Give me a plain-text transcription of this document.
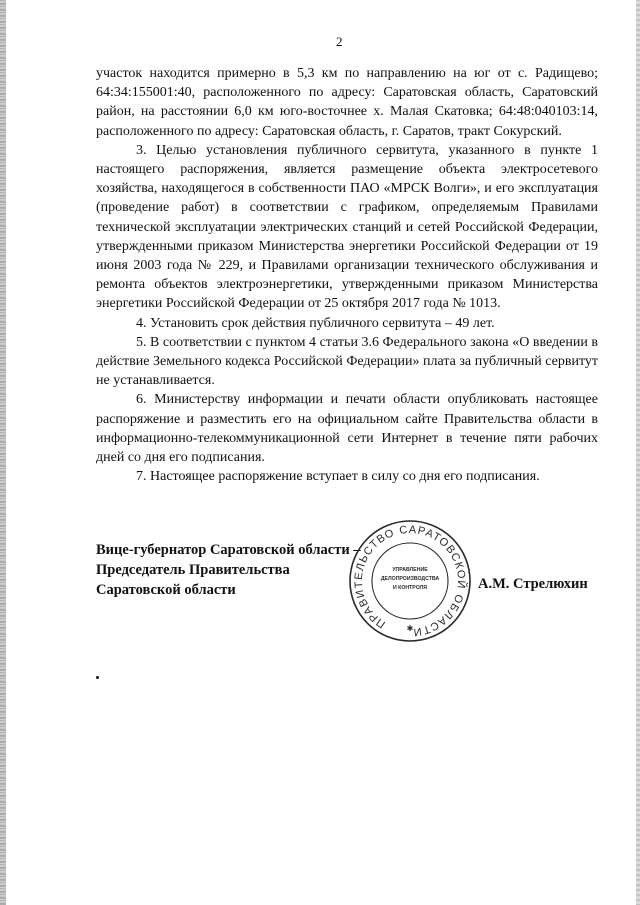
2

участок находится примерно в 5,3 км по направлению на юг от с. Радищево; 64:34:155001:40, расположенного по адресу: Саратовская область, Саратовский район, на расстоянии 6,0 км юго-восточнее х. Малая Скатовка; 64:48:040103:14, расположенного по адресу: Саратовская область, г. Саратов, тракт Сокурский.

3. Целью установления публичного сервитута, указанного в пункте 1 настоящего распоряжения, является размещение объекта электросетевого хозяйства, находящегося в собственности ПАО «МРСК Волги», и его эксплуатация (проведение работ) в соответствии с графиком, определяемым Правилами технической эксплуатации электрических станций и сетей Российской Федерации, утвержденными приказом Министерства энергетики Российской Федерации от 19 июня 2003 года № 229, и Правилами организации технического обслуживания и ремонта объектов электроэнергетики, утвержденными приказом Министерства энергетики Российской Федерации от 25 октября 2017 года № 1013.

4. Установить срок действия публичного сервитута – 49 лет.

5. В соответствии с пунктом 4 статьи 3.6 Федерального закона «О введении в действие Земельного кодекса Российской Федерации» плата за публичный сервитут не устанавливается.

6. Министерству информации и печати области опубликовать настоящее распоряжение и разместить его на официальном сайте Правительства области в информационно-телекоммуникационной сети Интернет в течение пяти рабочих дней со дня его подписания.

7. Настоящее распоряжение вступает в силу со дня его подписания.

Вице-губернатор Саратовской области –
Председатель Правительства
Саратовской области
ПРАВИТЕЛЬСТВО САРАТОВСКОЙ ОБЛАСТИ
УПРАВЛЕНИЕ
ДЕЛОПРОИЗВОДСТВА
И КОНТРОЛЯ
✱
А.М. Стрелюхин
